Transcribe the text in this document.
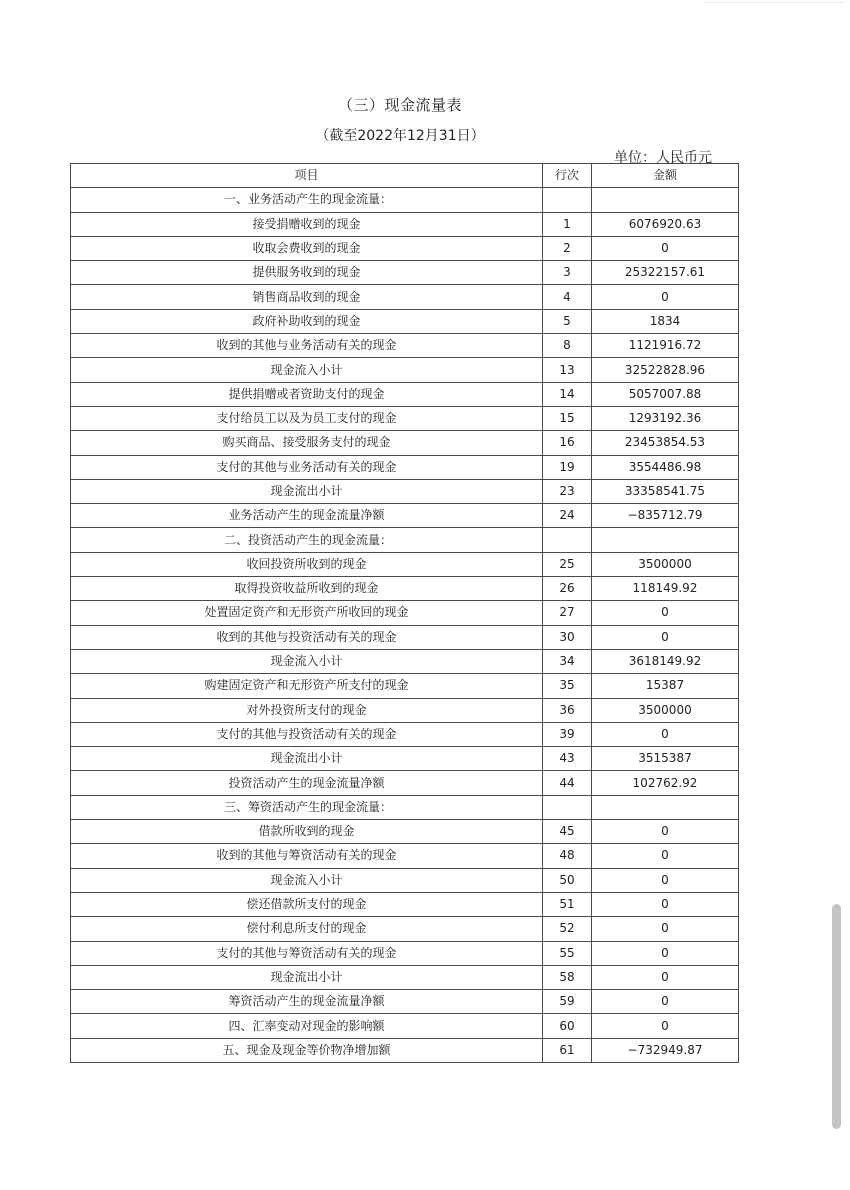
（三）现金流量表
（截至2022年12月31日）
单位：人民币元
项目	行次	金额
一、业务活动产生的现金流量：		
接受捐赠收到的现金	1	6076920.63
收取会费收到的现金	2	0
提供服务收到的现金	3	25322157.61
销售商品收到的现金	4	0
政府补助收到的现金	5	1834
收到的其他与业务活动有关的现金	8	1121916.72
现金流入小计	13	32522828.96
提供捐赠或者资助支付的现金	14	5057007.88
支付给员工以及为员工支付的现金	15	1293192.36
购买商品、接受服务支付的现金	16	23453854.53
支付的其他与业务活动有关的现金	19	3554486.98
现金流出小计	23	33358541.75
业务活动产生的现金流量净额	24	−835712.79
二、投资活动产生的现金流量：		
收回投资所收到的现金	25	3500000
取得投资收益所收到的现金	26	118149.92
处置固定资产和无形资产所收回的现金	27	0
收到的其他与投资活动有关的现金	30	0
现金流入小计	34	3618149.92
购建固定资产和无形资产所支付的现金	35	15387
对外投资所支付的现金	36	3500000
支付的其他与投资活动有关的现金	39	0
现金流出小计	43	3515387
投资活动产生的现金流量净额	44	102762.92
三、筹资活动产生的现金流量：		
借款所收到的现金	45	0
收到的其他与筹资活动有关的现金	48	0
现金流入小计	50	0
偿还借款所支付的现金	51	0
偿付利息所支付的现金	52	0
支付的其他与筹资活动有关的现金	55	0
现金流出小计	58	0
筹资活动产生的现金流量净额	59	0
四、汇率变动对现金的影响额	60	0
五、现金及现金等价物净增加额	61	−732949.87
